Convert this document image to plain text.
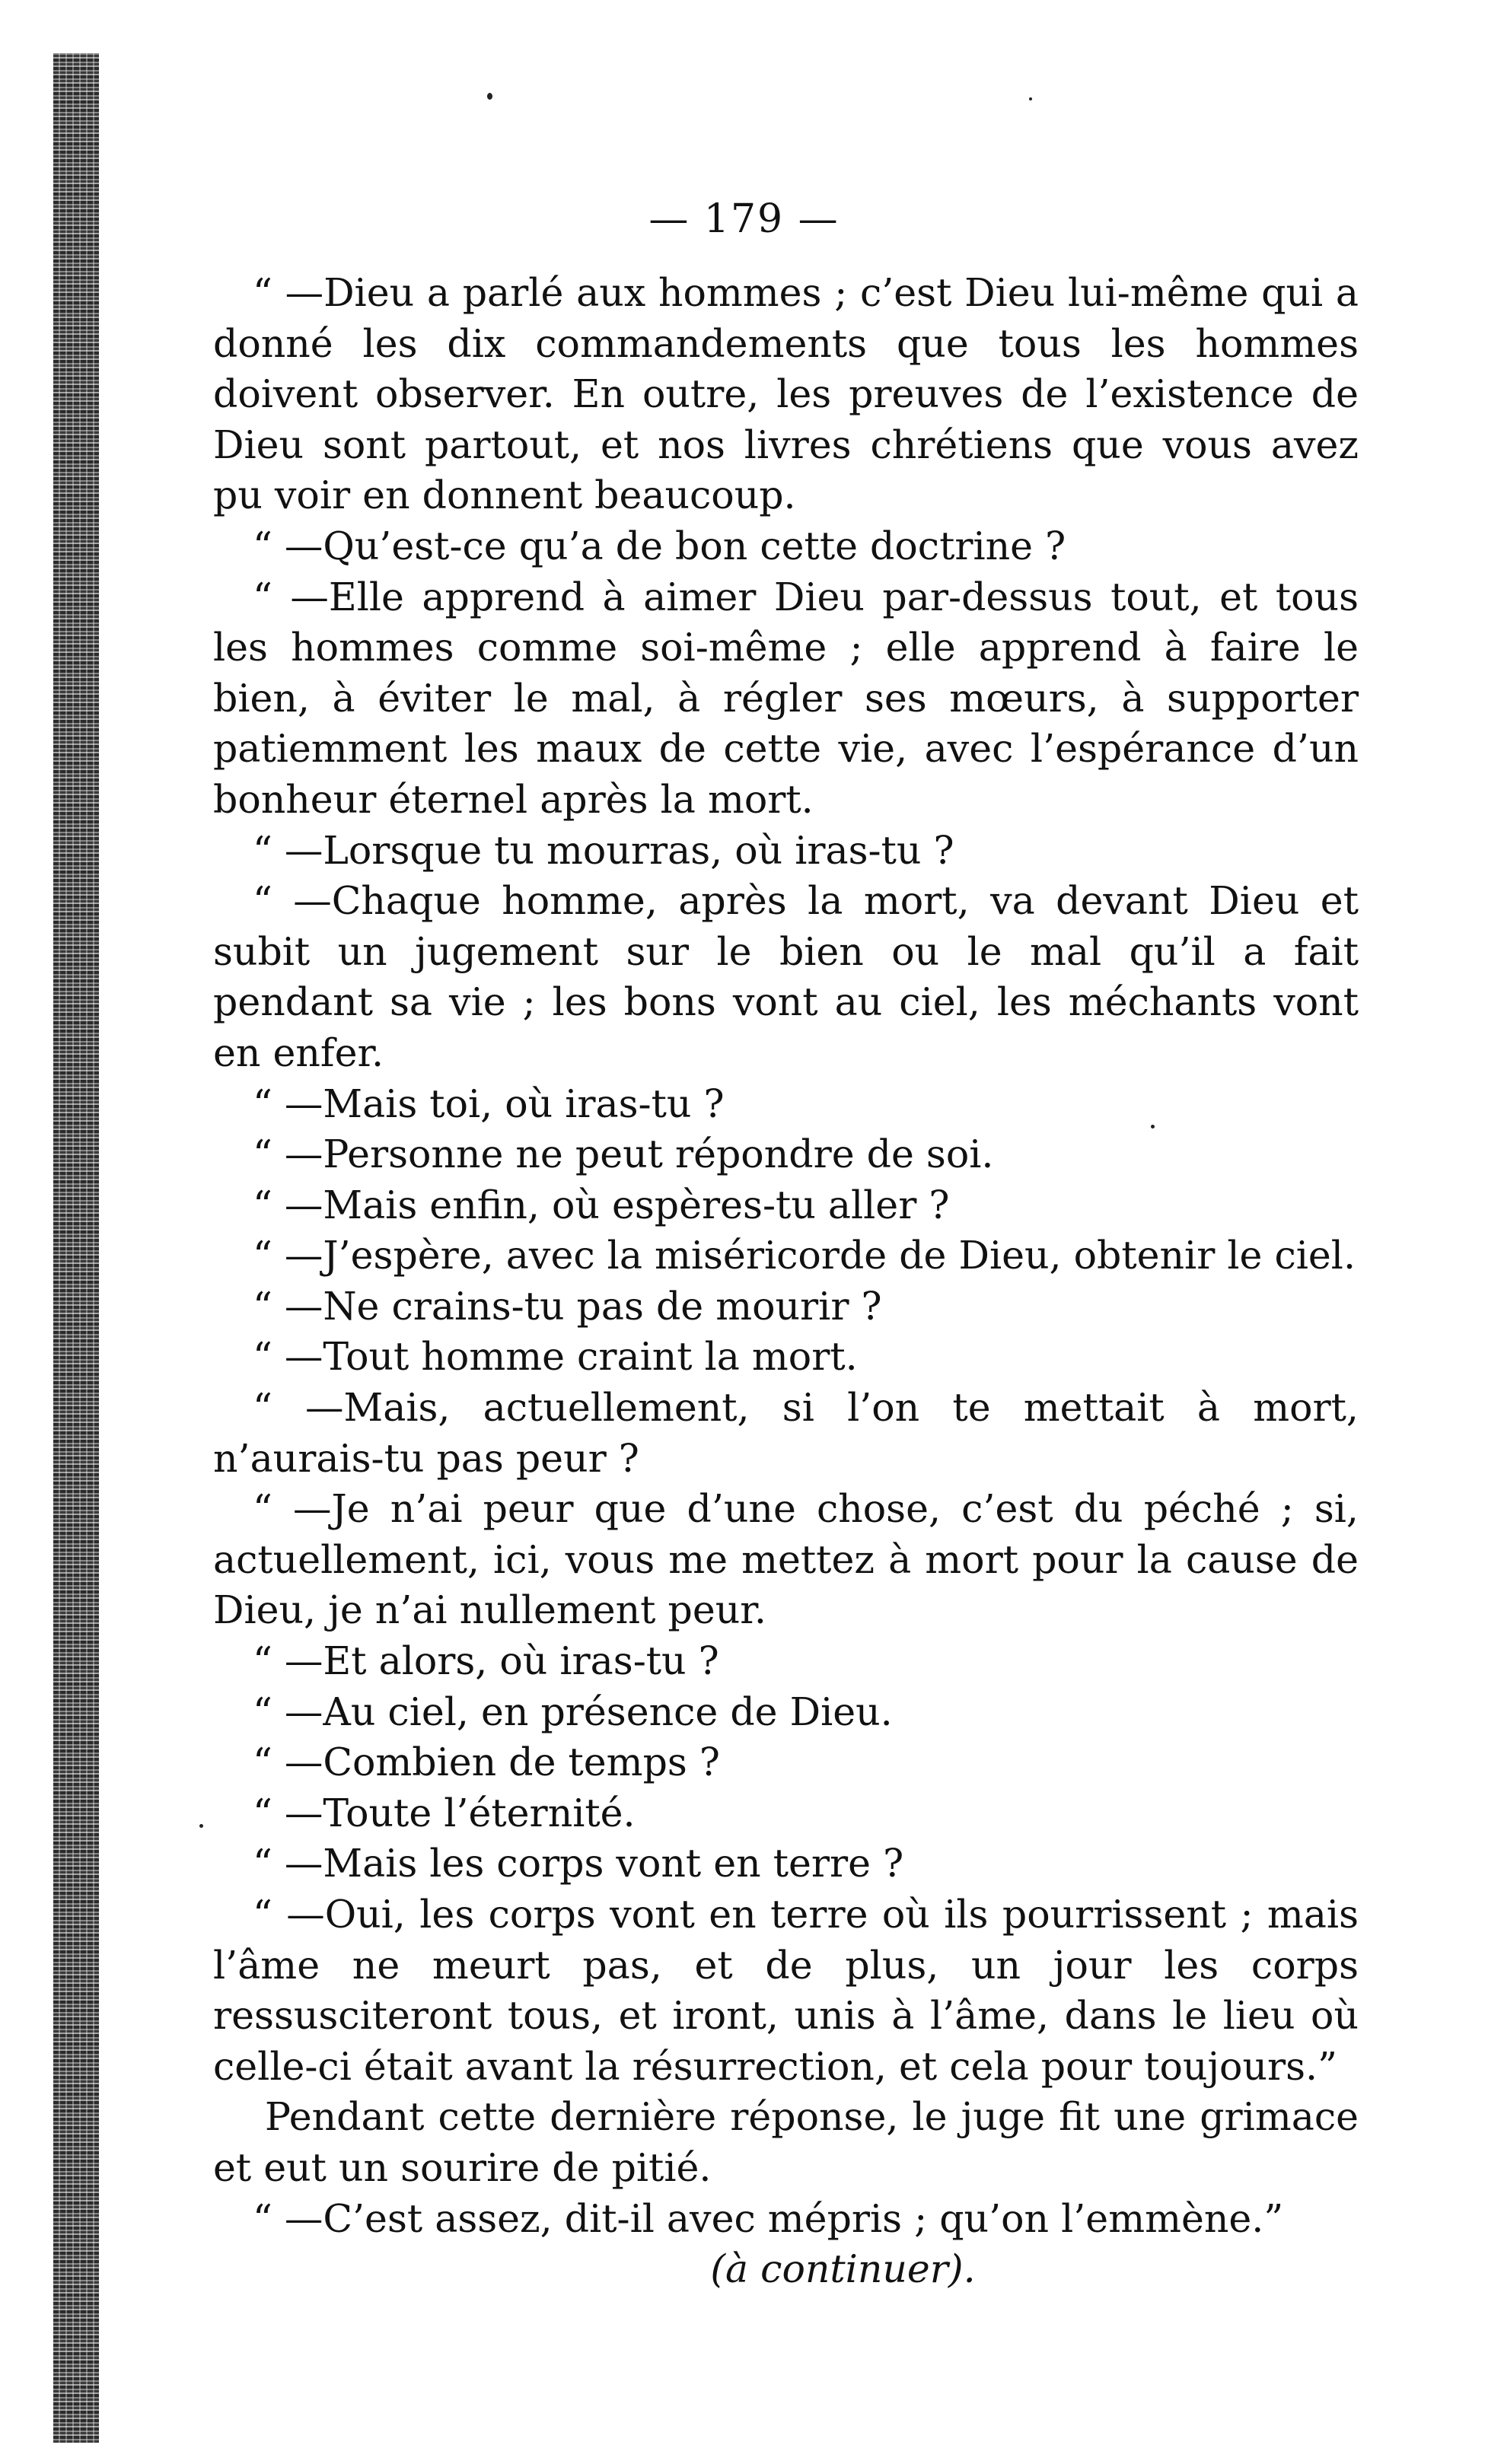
— 179 —

“ —Dieu a parlé aux hommes ; c’est Dieu lui-même qui a donné les dix commandements que tous les hommes doivent observer. En outre, les preuves de l’existence de Dieu sont partout, et nos livres chrétiens que vous avez pu voir en donnent beaucoup.

“ —Qu’est-ce qu’a de bon cette doctrine ?

“ —Elle apprend à aimer Dieu par-dessus tout, et tous les hommes comme soi-même ; elle apprend à faire le bien, à éviter le mal, à régler ses mœurs, à supporter patiemment les maux de cette vie, avec l’espérance d’un bonheur éternel après la mort.

“ —Lorsque tu mourras, où iras-tu ?

“ —Chaque homme, après la mort, va devant Dieu et subit un jugement sur le bien ou le mal qu’il a fait pendant sa vie ; les bons vont au ciel, les méchants vont en enfer.

“ —Mais toi, où iras-tu ?

“ —Personne ne peut répondre de soi.

“ —Mais enfin, où espères-tu aller ?

“ —J’espère, avec la miséricorde de Dieu, obtenir le ciel.

“ —Ne crains-tu pas de mourir ?

“ —Tout homme craint la mort.

“ —Mais, actuellement, si l’on te mettait à mort, n’aurais-tu pas peur ?

“ —Je n’ai peur que d’une chose, c’est du péché ; si, actuellement, ici, vous me mettez à mort pour la cause de Dieu, je n’ai nullement peur.

“ —Et alors, où iras-tu ?

“ —Au ciel, en présence de Dieu.

“ —Combien de temps ?

“ —Toute l’éternité.

“ —Mais les corps vont en terre ?

“ —Oui, les corps vont en terre où ils pourrissent ; mais l’âme ne meurt pas, et de plus, un jour les corps ressusciteront tous, et iront, unis à l’âme, dans le lieu où celle-ci était avant la résurrection, et cela pour toujours.”

Pendant cette dernière réponse, le juge fit une grimace et eut un sourire de pitié.

“ —C’est assez, dit-il avec mépris ; qu’on l’emmène.”

(à continuer).
